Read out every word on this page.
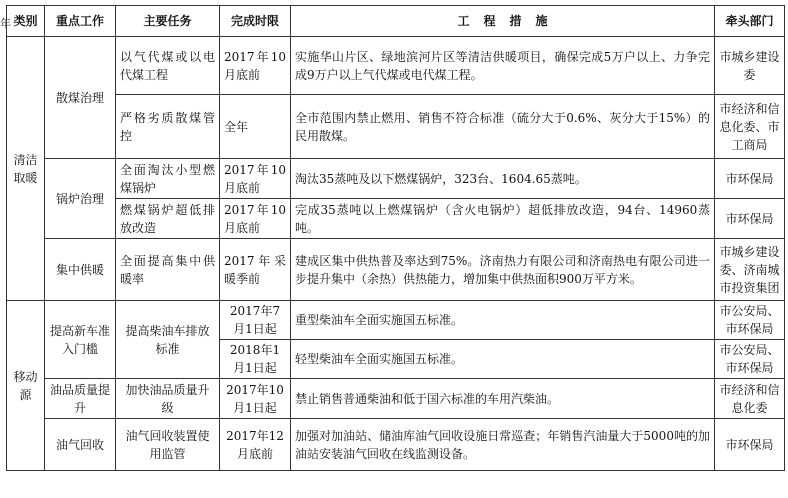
年 类别	重点工作	主要任务	完成时限	工程措施	牵头部门
清洁取暖	散煤治理	以气代煤或以电代煤工程	2017年10月底前	实施华山片区、绿地滨河片区等清洁供暖项目，确保完成5万户以上、力争完成9万户以上气代煤或电代煤工程。	市城乡建设委
		严格劣质散煤管控	全年	全市范围内禁止燃用、销售不符合标准（硫分大于0.6%、灰分大于15%）的民用散煤。	市经济和信息化委、市工商局
	锅炉治理	全面淘汰小型燃煤锅炉	2017年10月底前	淘汰35蒸吨及以下燃煤锅炉，323台、1604.65蒸吨。	市环保局
		燃煤锅炉超低排放改造	2017年10月底前	完成35蒸吨以上燃煤锅炉（含火电锅炉）超低排放改造，94台、14960蒸吨。	市环保局
	集中供暖	全面提高集中供暖率	2017年采暖季前	建成区集中供热普及率达到75%。济南热力有限公司和济南热电有限公司进一步提升集中（余热）供热能力，增加集中供热面积900万平方米。	市城乡建设委、济南城市投资集团
移动源	提高新车准入门槛	提高柴油车排放标准	2017年7月1日起	重型柴油车全面实施国五标准。	市公安局、市环保局
			2018年1月1日起	轻型柴油车全面实施国五标准。	市公安局、市环保局
	油品质量提升	加快油品质量升级	2017年10月1日起	禁止销售普通柴油和低于国六标准的车用汽柴油。	市经济和信息化委
	油气回收	油气回收装置使用监管	2017年12月底前	加强对加油站、储油库油气回收设施日常巡查；年销售汽油量大于5000吨的加油站安装油气回收在线监测设备。	市环保局
